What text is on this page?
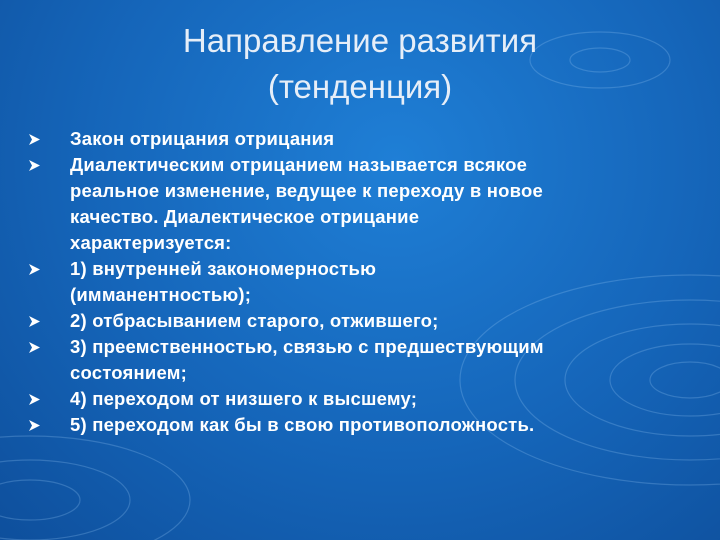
Направление развития
(тенденция)
Закон отрицания отрицания
Диалектическим отрицанием называется всякое
реальное изменение, ведущее к переходу в новое
качество. Диалектическое отрицание
характеризуется:
1) внутренней закономерностью
(имманентностью);
2) отбрасыванием старого, отжившего;
3) преемственностью, связью с предшествующим
состоянием;
4) переходом от низшего к высшему;
5) переходом как бы в свою противоположность.
